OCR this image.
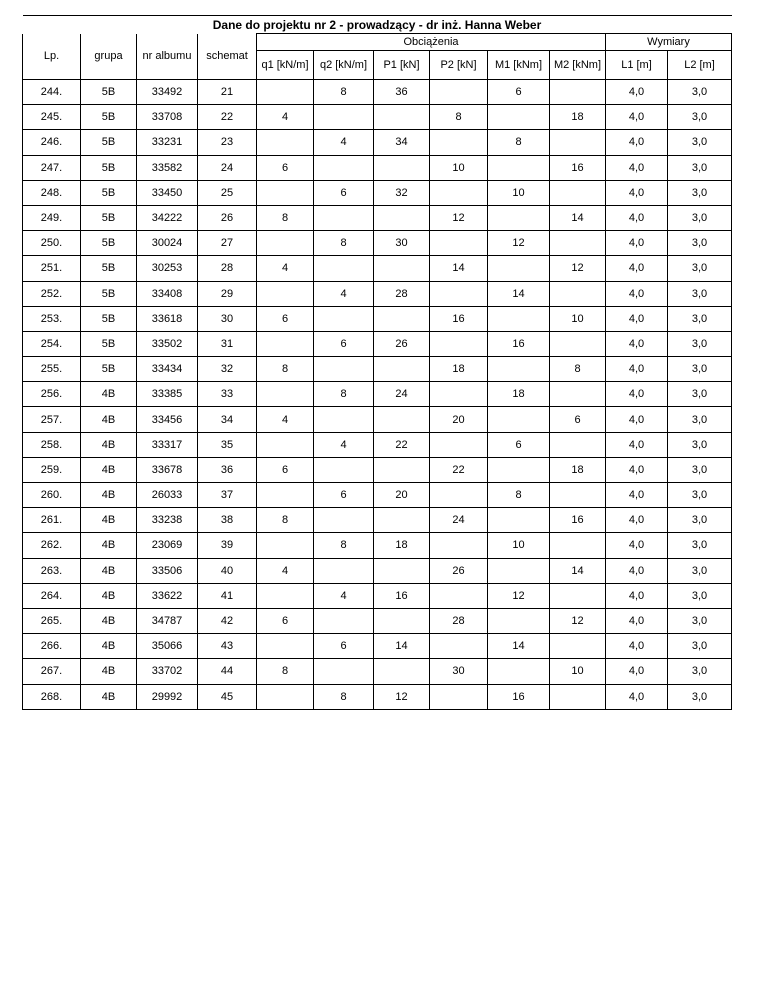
Dane do projektu nr 2 - prowadzący - dr inż. Hanna Weber											
Lp.	grupa	nr albumu	schemat	Obciążenia						Wymiary	
				q1 [kN/m]	q2 [kN/m]	P1 [kN]	P2 [kN]	M1 [kNm]	M2 [kNm]	L1 [m]	L2 [m]
244.	5B	33492	21		8	36		6		4,0	3,0
245.	5B	33708	22	4			8		18	4,0	3,0
246.	5B	33231	23		4	34		8		4,0	3,0
247.	5B	33582	24	6			10		16	4,0	3,0
248.	5B	33450	25		6	32		10		4,0	3,0
249.	5B	34222	26	8			12		14	4,0	3,0
250.	5B	30024	27		8	30		12		4,0	3,0
251.	5B	30253	28	4			14		12	4,0	3,0
252.	5B	33408	29		4	28		14		4,0	3,0
253.	5B	33618	30	6			16		10	4,0	3,0
254.	5B	33502	31		6	26		16		4,0	3,0
255.	5B	33434	32	8			18		8	4,0	3,0
256.	4B	33385	33		8	24		18		4,0	3,0
257.	4B	33456	34	4			20		6	4,0	3,0
258.	4B	33317	35		4	22		6		4,0	3,0
259.	4B	33678	36	6			22		18	4,0	3,0
260.	4B	26033	37		6	20		8		4,0	3,0
261.	4B	33238	38	8			24		16	4,0	3,0
262.	4B	23069	39		8	18		10		4,0	3,0
263.	4B	33506	40	4			26		14	4,0	3,0
264.	4B	33622	41		4	16		12		4,0	3,0
265.	4B	34787	42	6			28		12	4,0	3,0
266.	4B	35066	43		6	14		14		4,0	3,0
267.	4B	33702	44	8			30		10	4,0	3,0
268.	4B	29992	45		8	12		16		4,0	3,0
